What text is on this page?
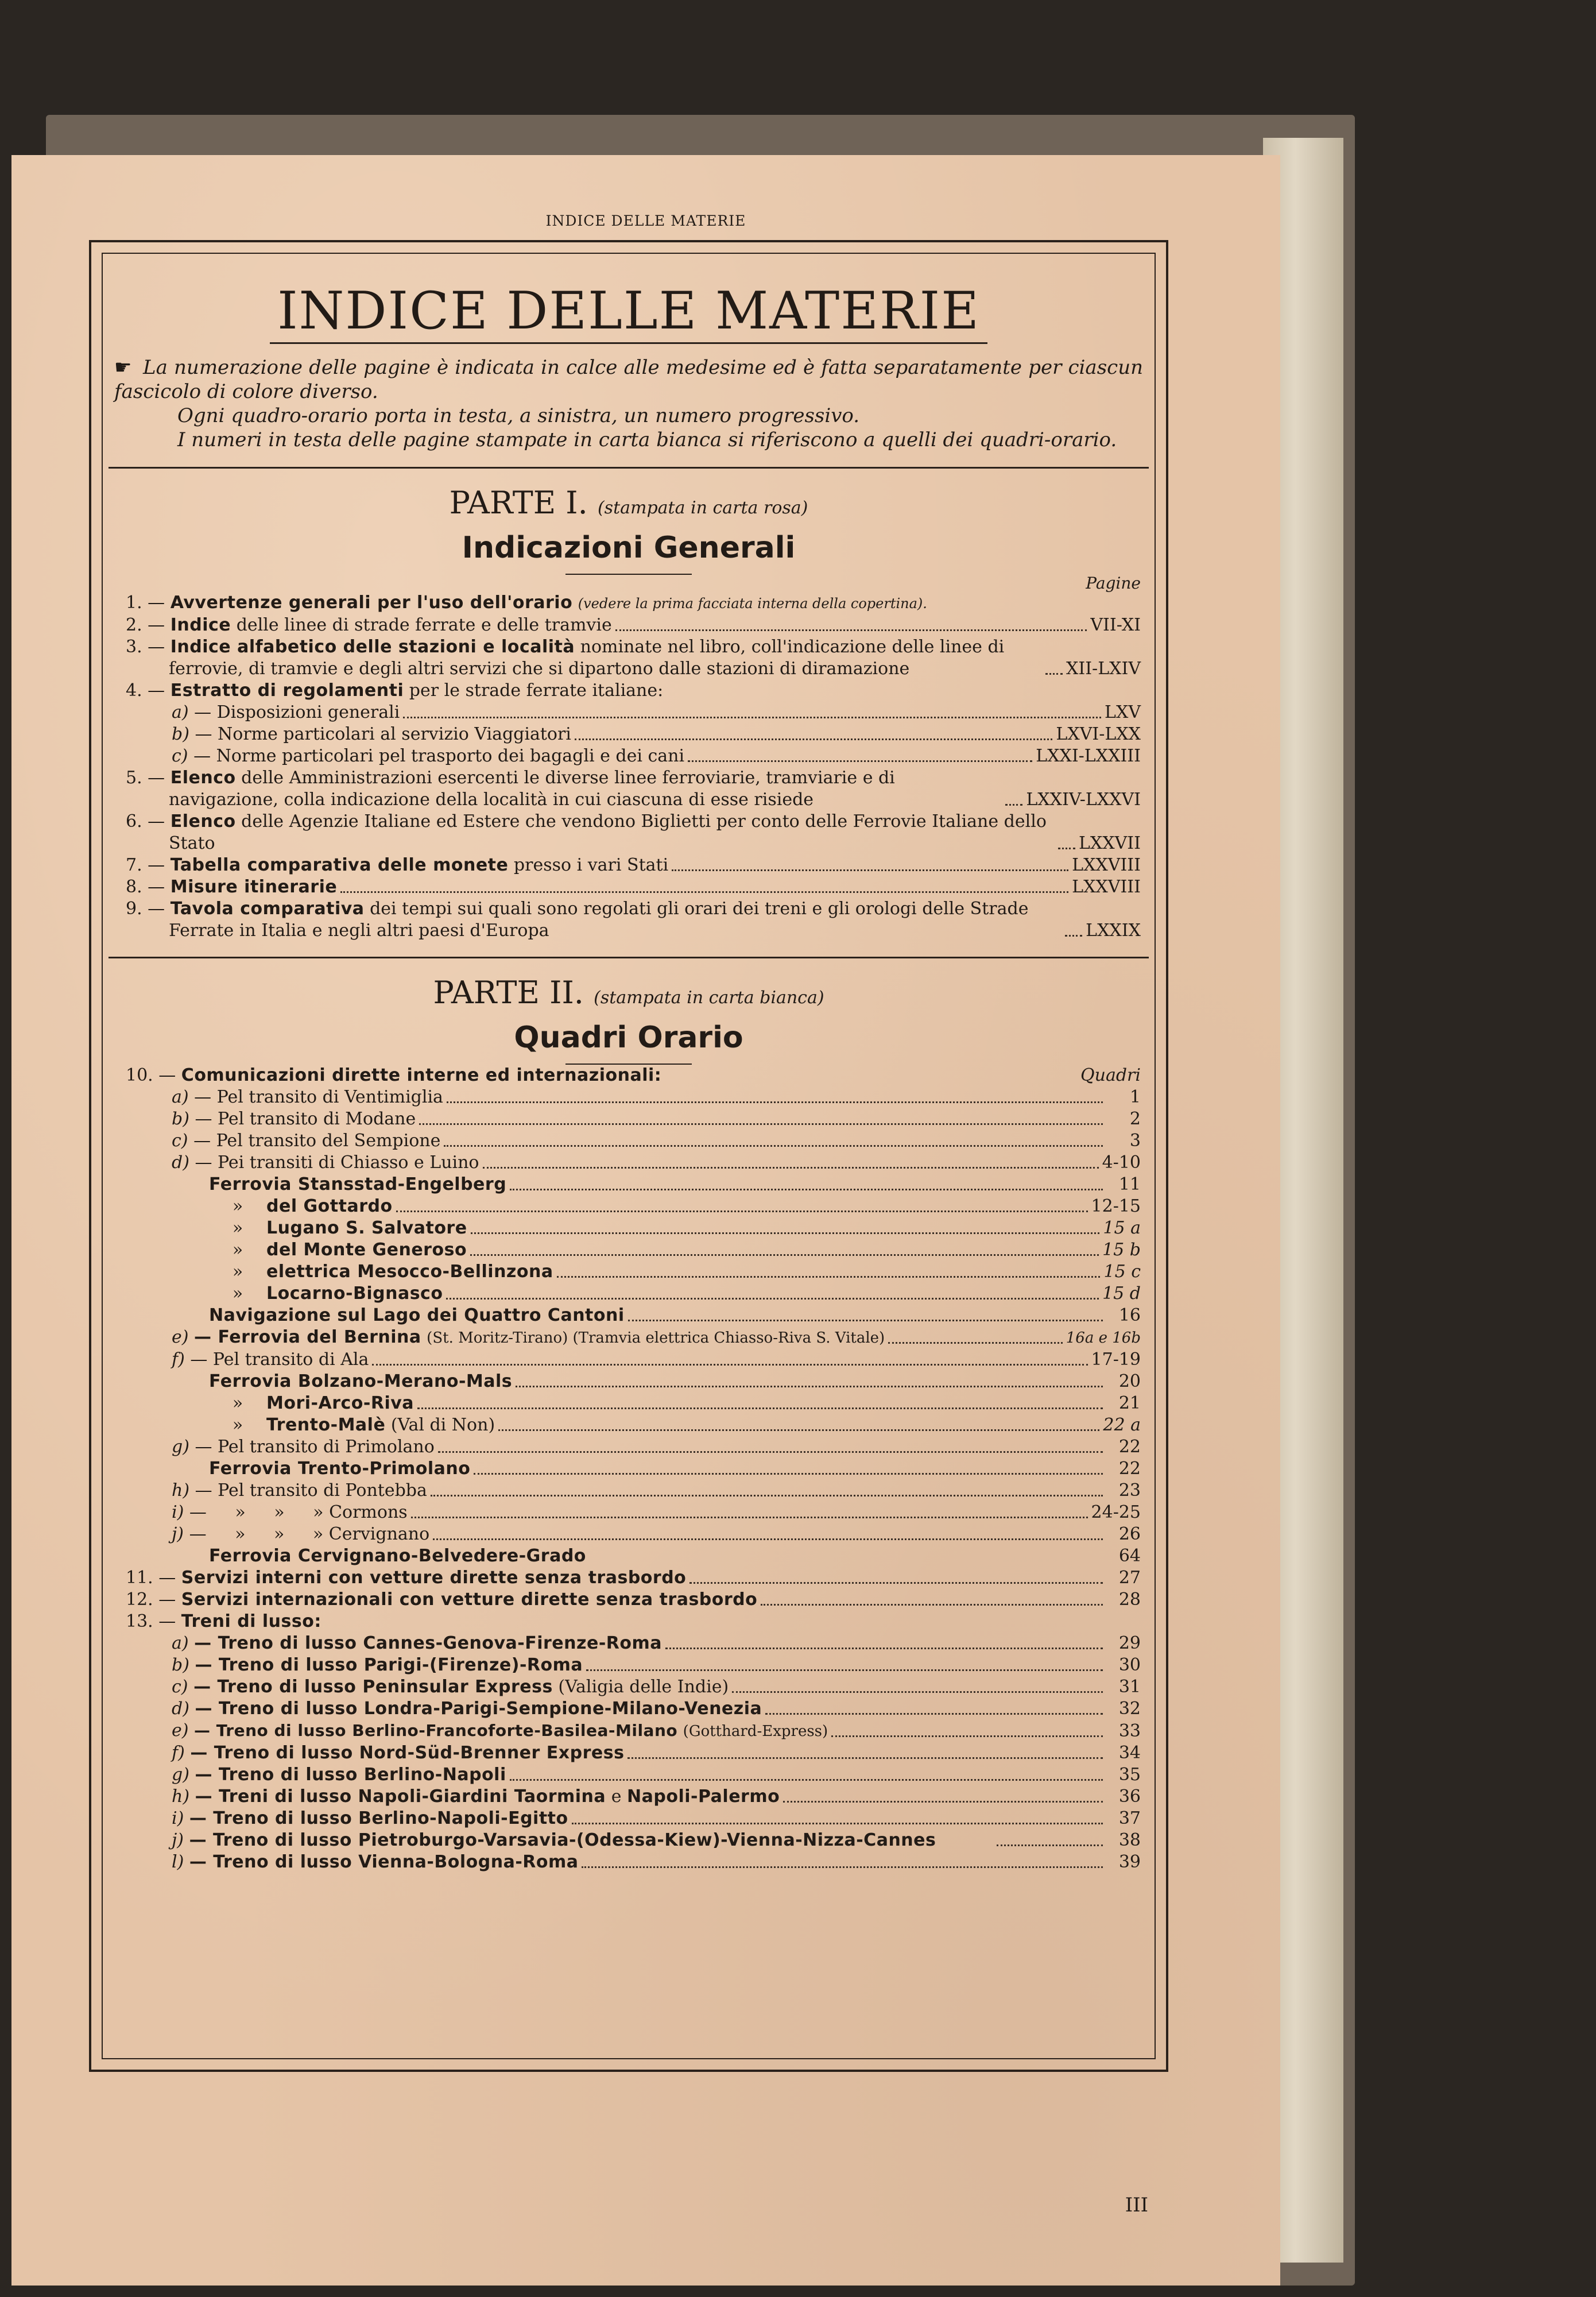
INDICE DELLE MATERIE
INDICE DELLE MATERIE

☛ La numerazione delle pagine è indicata in calce alle medesime ed è fatta separatamente per ciascun fascicolo di colore diverso.

Ogni quadro-orario porta in testa, a sinistra, un numero progressivo.

I numeri in testa delle pagine stampate in carta bianca si riferiscono a quelli dei quadri-orario.

PARTE I. (stampata in carta rosa)
Indicazioni Generali
Pagine
1. — Avvertenze generali per l'uso dell'orario (vedere la prima facciata interna della copertina).
2. — Indice delle linee di strade ferrate e delle tramvie	VII-XI
3. — Indice alfabetico delle stazioni e località nominate nel libro, coll'indicazione delle linee di ferrovie, di tramvie e degli altri servizi che si dipartono dalle stazioni di diramazione	XII-LXIV
4. — Estratto di regolamenti per le strade ferrate italiane:
a) — Disposizioni generali	LXV
b) — Norme particolari al servizio Viaggiatori	LXVI-LXX
c) — Norme particolari pel trasporto dei bagagli e dei cani	LXXI-LXXIII
5. — Elenco delle Amministrazioni esercenti le diverse linee ferroviarie, tramviarie e di navigazione, colla indicazione della località in cui ciascuna di esse risiede	LXXIV-LXXVI
6. — Elenco delle Agenzie Italiane ed Estere che vendono Biglietti per conto delle Ferrovie Italiane dello Stato	LXXVII
7. — Tabella comparativa delle monete presso i vari Stati	LXXVIII
8. — Misure itinerarie	LXXVIII
9. — Tavola comparativa dei tempi sui quali sono regolati gli orari dei treni e gli orologi delle Strade Ferrate in Italia e negli altri paesi d'Europa	LXXIX
PARTE II. (stampata in carta bianca)
Quadri Orario
10. — Comunicazioni dirette interne ed internazionali:	Quadri
a) — Pel transito di Ventimiglia	1
b) — Pel transito di Modane	2
c) — Pel transito del Sempione	3
d) — Pei transiti di Chiasso e Luino	4-10
Ferrovia Stansstad-Engelberg	11
» del Gottardo	12-15
» Lugano S. Salvatore	15 a
» del Monte Generoso	15 b
» elettrica Mesocco-Bellinzona	15 c
» Locarno-Bignasco	15 d
Navigazione sul Lago dei Quattro Cantoni	16
e) — Ferrovia del Bernina (St. Moritz-Tirano) (Tramvia elettrica Chiasso-Riva S. Vitale)	16a e 16b
f) — Pel transito di Ala	17-19
Ferrovia Bolzano-Merano-Mals	20
» Mori-Arco-Riva	21
» Trento-Malè (Val di Non)	22 a
g) — Pel transito di Primolano	22
Ferrovia Trento-Primolano	22
h) — Pel transito di Pontebba	23
i) — » » » Cormons	24-25
j) — » » » Cervignano	26
Ferrovia Cervignano-Belvedere-Grado	64
11. — Servizi interni con vetture dirette senza trasbordo	27
12. — Servizi internazionali con vetture dirette senza trasbordo	28
13. — Treni di lusso:
a) — Treno di lusso Cannes-Genova-Firenze-Roma	29
b) — Treno di lusso Parigi-(Firenze)-Roma	30
c) — Treno di lusso Peninsular Express (Valigia delle Indie)	31
d) — Treno di lusso Londra-Parigi-Sempione-Milano-Venezia	32
e) — Treno di lusso Berlino-Francoforte-Basilea-Milano (Gotthard-Express)	33
f) — Treno di lusso Nord-Süd-Brenner Express	34
g) — Treno di lusso Berlino-Napoli	35
h) — Treni di lusso Napoli-Giardini Taormina e Napoli-Palermo	36
i) — Treno di lusso Berlino-Napoli-Egitto	37
j) — Treno di lusso Pietroburgo-Varsavia-(Odessa-Kiew)-Vienna-Nizza-Cannes	38
l) — Treno di lusso Vienna-Bologna-Roma	39
III
